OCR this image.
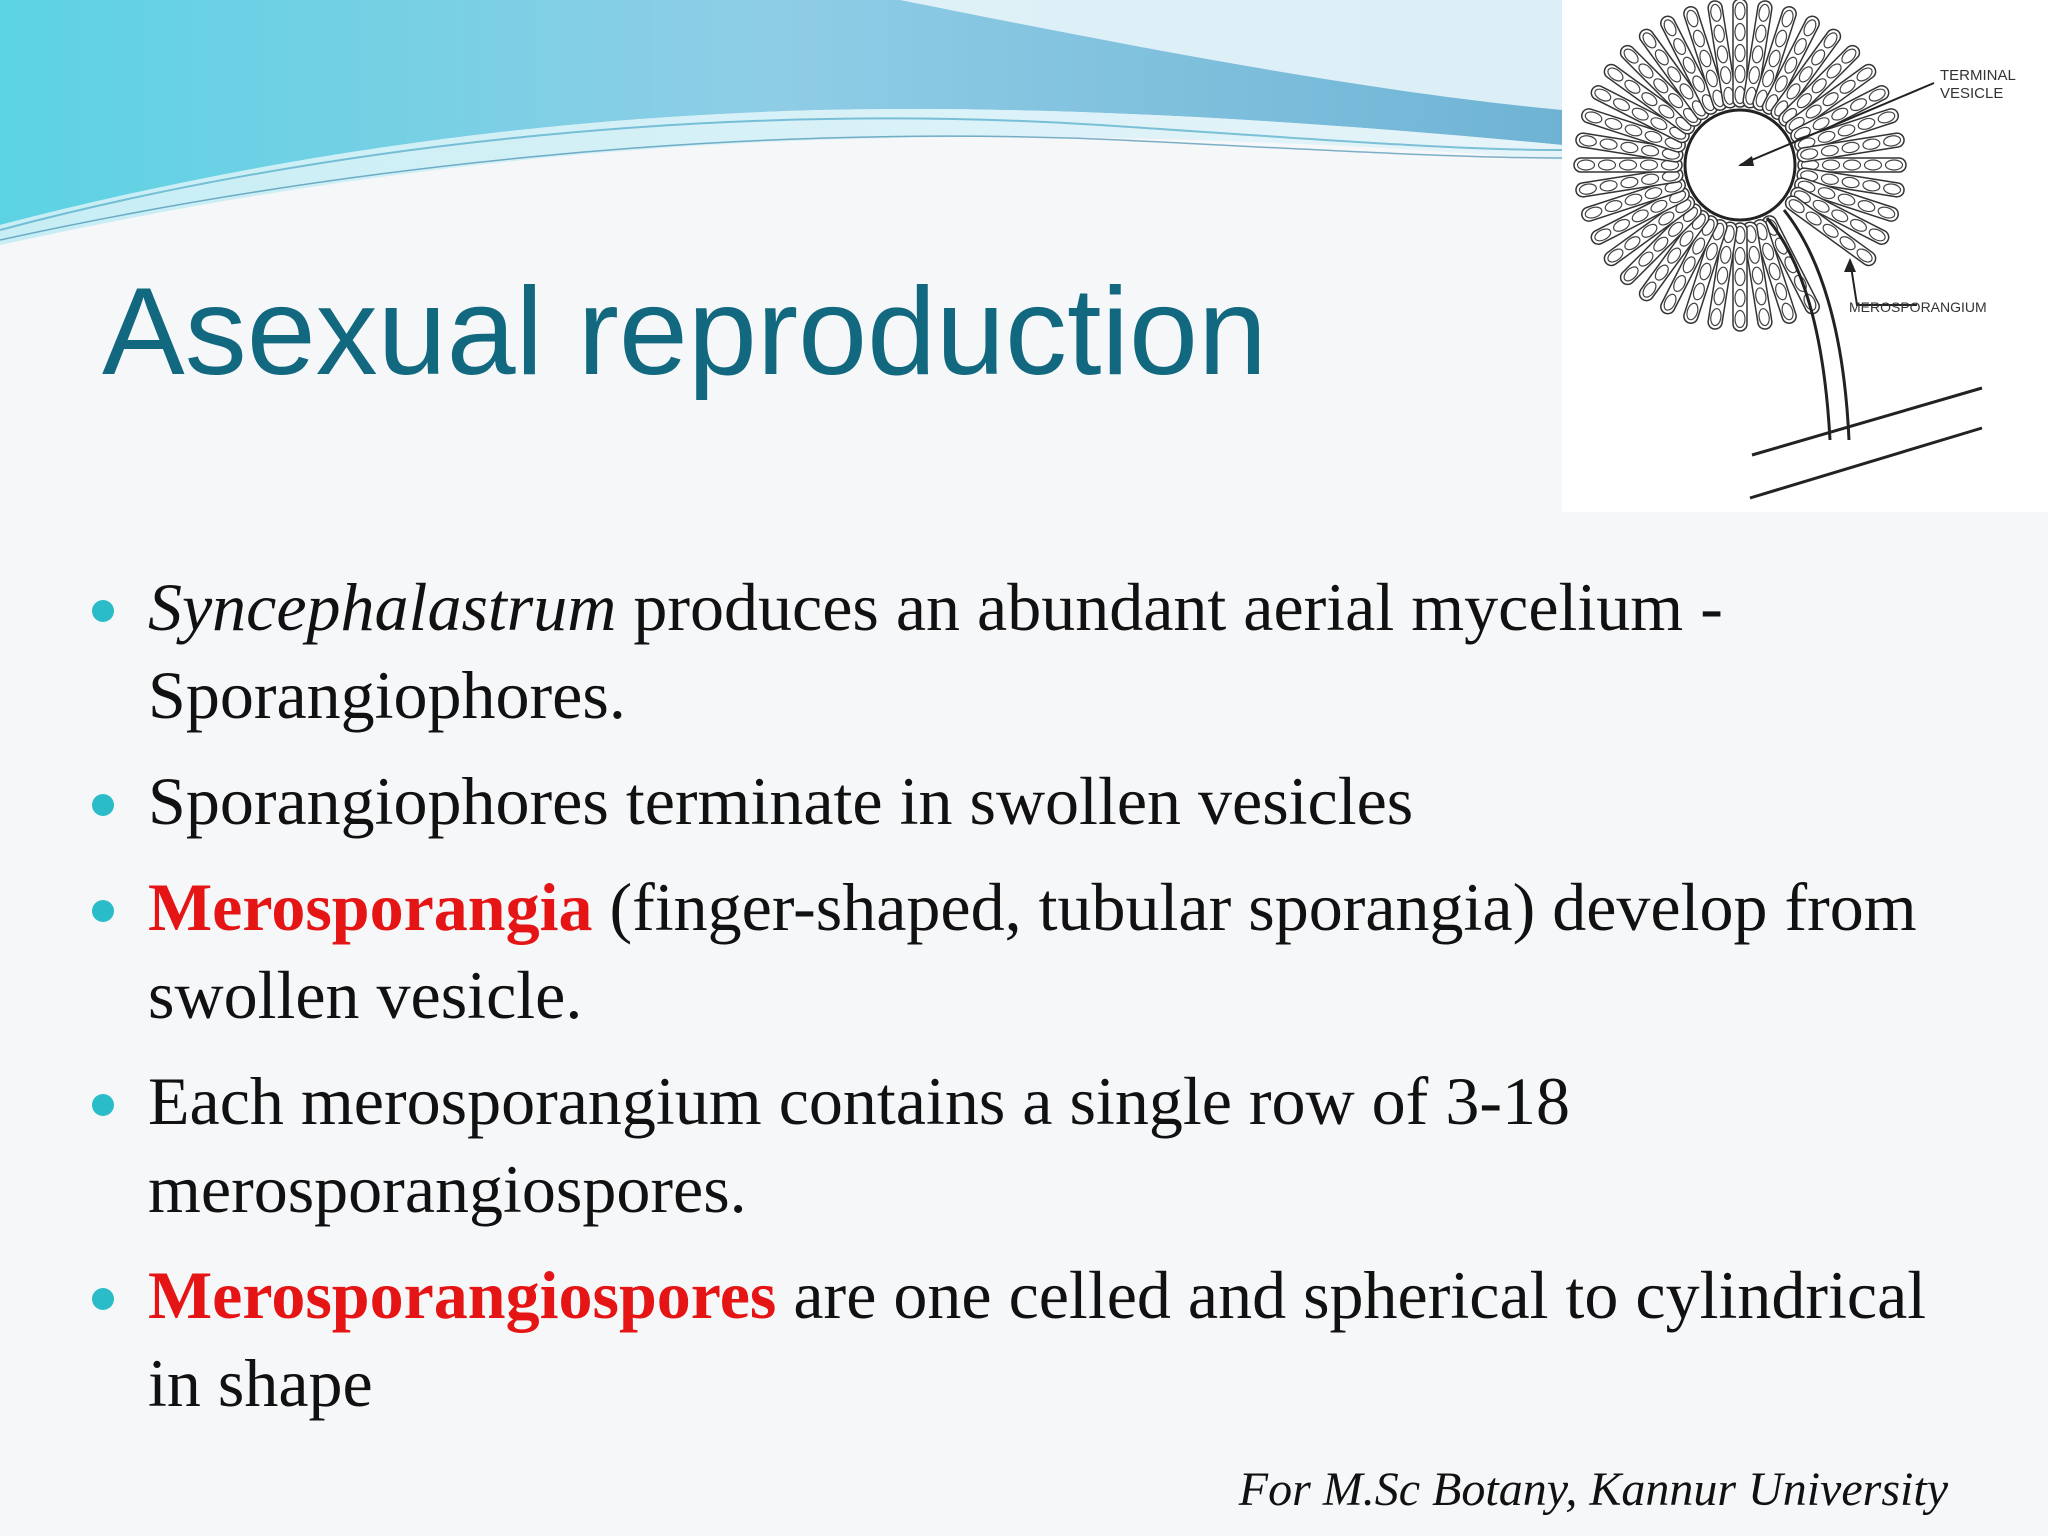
Asexual reproduction
TERMINAL
VESICLE
MEROSPORANGIUM
Syncephalastrum produces an abundant aerial mycelium - Sporangiophores.
Sporangiophores terminate in swollen vesicles
Merosporangia (finger-shaped, tubular sporangia) develop from swollen vesicle.
Each merosporangium contains a single row of 3-18 merosporangiospores.
Merosporangiospores are one celled and spherical to cylindrical in shape

For M.Sc Botany, Kannur University
